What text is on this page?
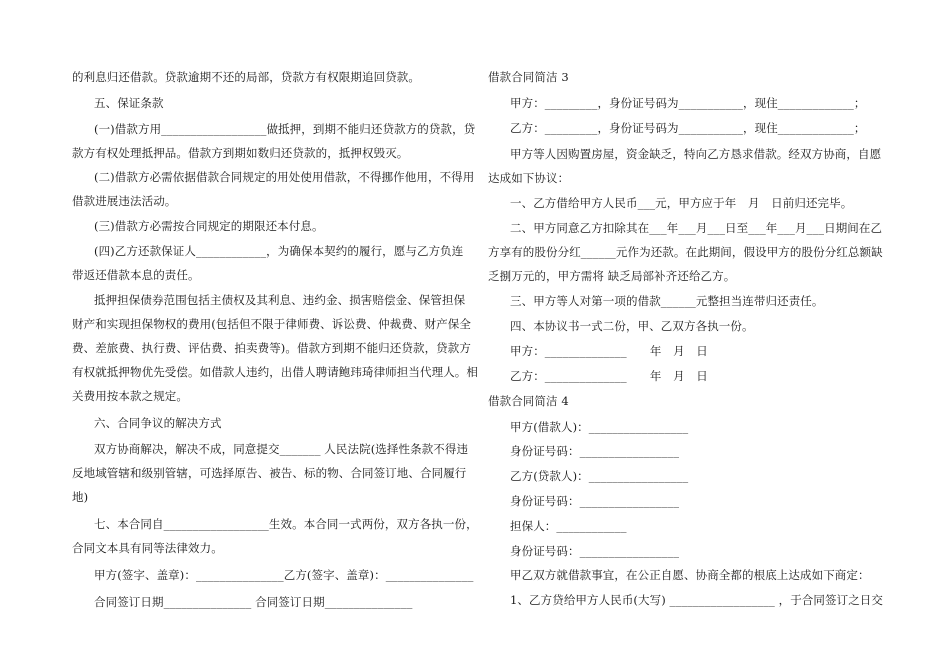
的利息归还借款。贷款逾期不还的局部，贷款方有权限期追回贷款。
五、保证条款
(一)借款方用__________________做抵押，到期不能归还贷款方的贷款，贷
款方有权处理抵押品。借款方到期如数归还贷款的，抵押权毁灭。
(二)借款方必需依据借款合同规定的用处使用借款，不得挪作他用，不得用
借款进展违法活动。
(三)借款方必需按合同规定的期限还本付息。
(四)乙方还款保证人____________，为确保本契约的履行，愿与乙方负连
带返还借款本息的责任。
抵押担保债券范围包括主债权及其利息、违约金、损害赔偿金、保管担保
财产和实现担保物权的费用(包括但不限于律师费、诉讼费、仲裁费、财产保全
费、差旅费、执行费、评估费、拍卖费等)。借款方到期不能归还贷款，贷款方
有权就抵押物优先受偿。如借款人违约，出借人聘请鲍玮琦律师担当代理人。相
关费用按本款之规定。
六、合同争议的解决方式
双方协商解决，解决不成，同意提交_______ 人民法院(选择性条款不得违
反地域管辖和级别管辖，可选择原告、被告、标的物、合同签订地、合同履行
地)
七、本合同自__________________生效。本合同一式两份，双方各执一份，
合同文本具有同等法律效力。
甲方(签字、盖章)：_______________乙方(签字、盖章)：_______________
合同签订日期_______________ 合同签订日期_______________
借款合同简洁 3
甲方：_________，身份证号码为___________，现住_____________；
乙方：_________，身份证号码为___________，现住_____________；
甲方等人因购置房屋，资金缺乏，特向乙方恳求借款。经双方协商，自愿
达成如下协议：
一、乙方借给甲方人民币___元，甲方应于年　月　日前归还完毕。
二、甲方同意乙方扣除其在___年___月___日至___年___月___日期间在乙
方享有的股份分红______元作为还款。在此期间，假设甲方的股份分红总额缺
乏捌万元的，甲方需将 缺乏局部补齐还给乙方。
三、甲方等人对第一项的借款______元整担当连带归还责任。
四、本协议书一式二份，甲、乙双方各执一份。
甲方：______________　　年　月　日
乙方：______________　　年　月　日
借款合同简洁 4
甲方(借款人)：_________________
身份证号码：_________________
乙方(贷款人)：_________________
身份证号码：_________________
担保人：____________
身份证号码：_________________
甲乙双方就借款事宜，在公正自愿、协商全都的根底上达成如下商定：
1、乙方贷给甲方人民币(大写) __________________ ，于合同签订之日交
